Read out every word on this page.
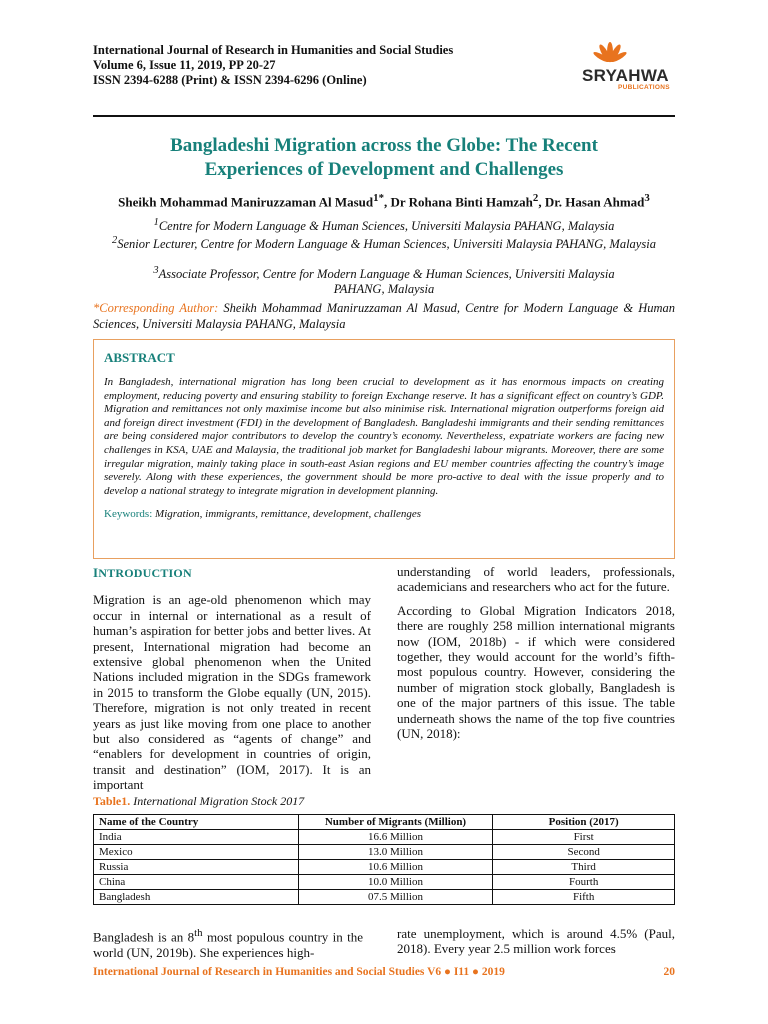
International Journal of Research in Humanities and Social Studies
Volume 6, Issue 11, 2019, PP 20-27
ISSN 2394-6288 (Print) & ISSN 2394-6296 (Online)	SRYAHWA
PUBLICATIONS
Bangladeshi Migration across the Globe: The Recent
Experiences of Development and Challenges
Sheikh Mohammad Maniruzzaman Al Masud$^{1*}$, Dr Rohana Binti Hamzah$^2$, Dr. Hasan Ahmad$^3$
$^1$Centre for Modern Language & Human Sciences, Universiti Malaysia PAHANG, Malaysia
$^2$Senior Lecturer, Centre for Modern Language & Human Sciences, Universiti Malaysia PAHANG, Malaysia
$^3$Associate Professor, Centre for Modern Language & Human Sciences, Universiti Malaysia PAHANG, Malaysia
*Corresponding Author: Sheikh Mohammad Maniruzzaman Al Masud, Centre for Modern Language & Human Sciences, Universiti Malaysia PAHANG, Malaysia
ABSTRACT

In Bangladesh, international migration has long been crucial to development as it has enormous impacts on creating employment, reducing poverty and ensuring stability to foreign Exchange reserve. It has a significant effect on country’s GDP. Migration and remittances not only maximise income but also minimise risk. International migration outperforms foreign aid and foreign direct investment (FDI) in the development of Bangladesh. Bangladeshi immigrants and their sending remittances are being considered major contributors to develop the country’s economy. Nevertheless, expatriate workers are facing new challenges in KSA, UAE and Malaysia, the traditional job market for Bangladeshi labour migrants. Moreover, there are some irregular migration, mainly taking place in south-east Asian regions and EU member countries affecting the country’s image severely. Along with these experiences, the government should be more pro-active to deal with the issue properly and to develop a national strategy to integrate migration in development planning.

Keywords: Migration, immigrants, remittance, development, challenges
INTRODUCTION

Migration is an age-old phenomenon which may occur in internal or international as a result of human’s aspiration for better jobs and better lives. At present, International migration had become an extensive global phenomenon when the United Nations included migration in the SDGs framework in 2015 to transform the Globe equally (UN, 2015). Therefore, migration is not only treated in recent years as just like moving from one place to another but also considered as “agents of change” and “enablers for development in countries of origin, transit and destination” (IOM, 2017). It is an important

understanding of world leaders, professionals, academicians and researchers who act for the future.

According to Global Migration Indicators 2018, there are roughly 258 million international migrants now (IOM, 2018b) - if which were considered together, they would account for the world’s fifth-most populous country. However, considering the number of migration stock globally, Bangladesh is one of the major partners of this issue. The table underneath shows the name of the top five countries (UN, 2018):

Table1. International Migration Stock 2017
Name of the Country	Number of Migrants (Million)	Position (2017)
India	16.6 Million	First
Mexico	13.0 Million	Second
Russia	10.6 Million	Third
China	10.0 Million	Fourth
Bangladesh	07.5 Million	Fifth

Bangladesh is an 8th most populous country in the world (UN, 2019b). She experiences high-

rate unemployment, which is around 4.5% (Paul, 2018). Every year 2.5 million work forces

International Journal of Research in Humanities and Social Studies V6 ● I11 ● 2019	20
